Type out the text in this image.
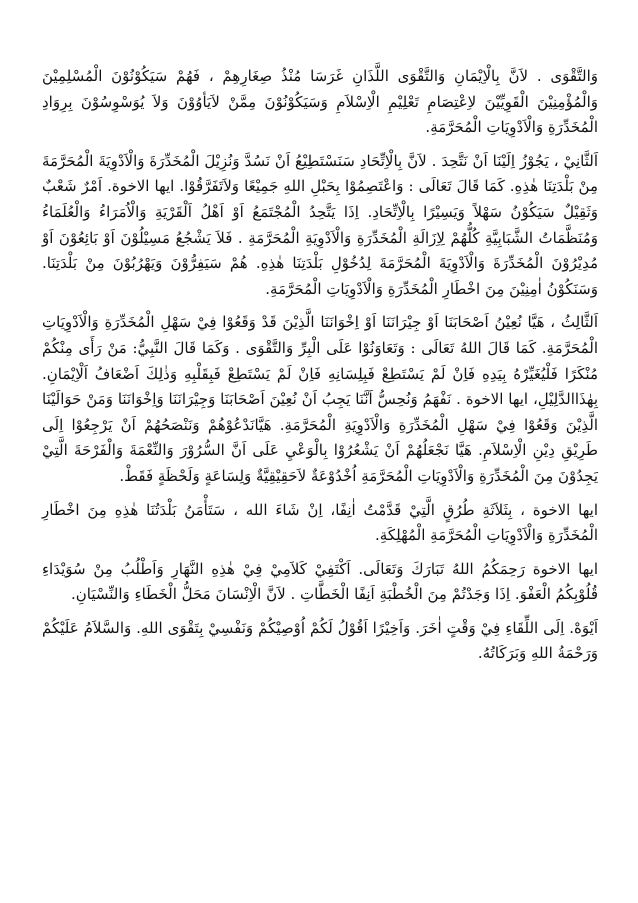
وَالتَّقْوَى . لاَنَّ بِالْاِيْمَانِ وَالتَّقْوَى اللَّذَانِ غَرَسَا مُنْذُ صِغَارِهِمْ ، فَهُمْ سَيَكُوْنُوْنَ الْمُسْلِمِيْنَ وَالْمُؤْمِنِيْنَ الْقَوِيِّيْنَ لاِعْتِصَامِ تَعْلِيْمِ الْاِسْلاَمِ وَسَيَكُوْنُوْنَ مِمَّنْ لاَيَأوُوْنَ وَلاَ يُوَسْوِسُوْنَ بِرِوَادِ الْمُخَدِّرَةِ وَالْاَدْوِيَاتِ الْمُحَرَّمَةِ.

اَلثَّانِيْ ، يَجُوْزُ اِلَيْنَا اَنْ نَتَّحِدَ . لاَنَّ بِالْاِتِّحَادِ سَنَسْتَطِيْعُ اَنْ نَسُدَّ وَنُزِيْلَ الْمُخَدِّرَةَ وَالْاَدْوِيَةَ الْمُحَرَّمَةَ مِنْ بَلْدَتِنَا هٰذِهِ. كَمَا قَالَ تَعَالَى : وَاعْتَصِمُوْا بِحَبْلِ اللهِ جَمِيْعًا وَلاَتَفَرَّقُوْا. ايها الاخوة. اَمْرٌ شَعْبٌ وَثَقِيْلٌ سَيَكُوْنُ سَهْلاً وَيَسِيْرًا بِالْاِتِّحَادِ. اِذَا يَتَّحِدُ الْمُجْتَمَعُ اَوْ اَهْلُ اَلْقَرْيَةِ وَالْاُمَرَاءُ وَالْعُلَمَاءُ وَمُنَظَّمَاتُ الشَّبَابِيَّةِ كُلُّهُمْ لِاِزَالَةِ الْمُخَدِّرَةِ وَالْاَدْوِيَةِ الْمُحَرَّمَةِ . فَلاَ يَشْجُعُ مَسِيْلُوْنَ اَوْ بَائِعُوْنَ اَوْ مُدِيْرُوْنَ الْمُخَدِّرَةَ وَالْاَدْوِيَةَ الْمُحَرَّمَةَ لِدُخُوْلِ بَلْدَتِنَا هٰذِهِ. هُمْ سَيَفِرُّوْنَ وَيَهْرُبُوْنَ مِنْ بَلْدَتِنَا. وَسَنَكُوْنُ اٰمِنِيْنَ مِنَ اخْطَارِ الْمُخَدِّرَةِ وَالْاَدْوِيَاتِ الْمُحَرَّمَةِ.

اَلثَّالِثُ ، هَيَّا نُعِيْنُ اَصْحَابَنَا اَوْ جِيْرَانَنَا اَوْ اِخْوَانَنَا الَّذِيْنَ قَدْ وَقَعُوْا فِيْ سَهْلِ الْمُخَدِّرَةِ وَالْاَدْوِيَاتِ الْمُحَرَّمَةِ. كَمَا قَالَ اللهُ تَعَالَى : وَتَعَاوَنُوْا عَلَى الْبِرِّ وَالتَّقْوَى . وَكَمَا قَالَ النَّبِيُّ: مَنْ رَأَى مِنْكُمْ مُنْكَرًا فَلْيُغَيِّرْهُ بِيَدِهِ فَاِنْ لَمْ يَسْتَطِعْ فَبِلِسَانِهِ فَاِنْ لَمْ يَسْتَطِعْ فَبِقَلْبِهِ وَذٰلِكَ اَضْعَافُ اَلْاِيْمَانِ. بِهٰذَاالدَّلِيْلِ، ايها الاخوة . نَفْهَمُ وَنُحِسُّ اَنَّنَا يَجِبُ اَنْ نُعِيْنَ اَصْحَابَنَا وَجِيْرَانَنَا وَاِخْوَانَنَا وَمَنْ حَوَالَيْنَا الَّذِيْنَ وَقَعُوْا فِيْ سَهْلِ الْمُخَدِّرَةِ وَالْاَدْوِيَةِ الْمُحَرَّمَةِ. هَيَّانَدْعُوْهُمْ وَنَنْصَحُهُمْ اَنْ يَرْجِعُوْا اِلَى طَرِيْقِ دِيْنِ الْاِسْلاَمِ. هَيَّا نَجْعَلُهُمْ اَنْ يَشْعُرُوْا بِالْوَعْيِ عَلَى اَنَّ السُّرُوْرَ وَالنِّعْمَةَ وَالْفَرْحَةَ الَّتِيْ يَجِدُوْنَ مِنَ الْمُخَدِّرَةِ وَالْاَدْوِيَاتِ الْمُحَرَّمَةِ اُخْدُوْعَةٌ لاَحَقِيْقِيَّةٌ وَلِسَاعَةٍ وَلَحْظَةٍ فَقَطْ.

ايها الاخوة ، بِثَلاَثَةِ طُرُقٍ الَّتِيْ قَدَّمْتُ اٰنِفًا، اِنْ شَاءَ الله ، سَتَأْمَنُ بَلْدَتُنَا هٰذِهِ مِنَ اخْطَارِ الْمُخَدِّرَةِ وَالْاَدْوِيَاتِ الْمُحَرَّمَةِ الْمُهْلِكَةِ.

ايها الاخوة رَحِمَكُمُ اللهُ تَبَارَكَ وَتَعَالَى. اَكْتَفِيْ كَلاَمِيْ فِيْ هٰذِهِ النَّهَارِ وَاَطْلُبُ مِنْ سُوَيْدَاءِ قُلُوْبِكُمُ الْعَفْوَ. اِذَا وَجَدْتُمْ مِنَ الْخُطْبَةِ اَنِفًا الْخَطَّاتِ . لاَنَّ الْاِنْسَانَ مَحَلُّ الْخَطَاءِ وَالنِّسْيَانِ.

اَيْوَهْ. اِلَى اللِّقَاءِ فِيْ وَقْتٍ اٰخَرَ. وَاَخِيْرًا اَقُوْلُ لَكُمْ اُوْصِيْكُمْ وَنَفْسِيْ بِتَقْوَى اللهِ. وَالسَّلاَمُ عَلَيْكُمْ وَرَحْمَةُ اللهِ وَبَرَكَاتُهُ.
